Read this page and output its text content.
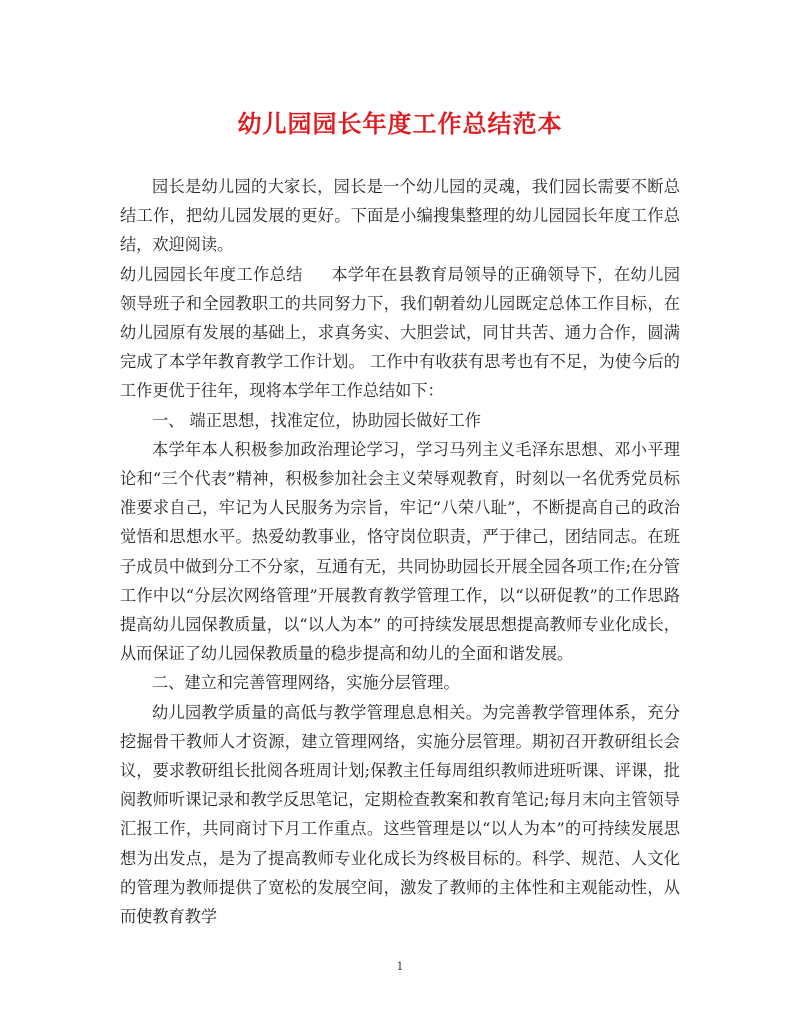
幼儿园园长年度工作总结范本

园长是幼儿园的大家长，园长是一个幼儿园的灵魂，我们园长需要不断总结工作，把幼儿园发展的更好。下面是小编搜集整理的幼儿园园长年度工作总结，欢迎阅读。

幼儿园园长年度工作总结 本学年在县教育局领导的正确领导下，在幼儿园领导班子和全园教职工的共同努力下，我们朝着幼儿园既定总体工作目标，在幼儿园原有发展的基础上，求真务实、大胆尝试，同甘共苦、通力合作，圆满完成了本学年教育教学工作计划。 工作中有收获有思考也有不足，为使今后的工作更优于往年，现将本学年工作总结如下：

一、 端正思想，找准定位，协助园长做好工作

本学年本人积极参加政治理论学习，学习马列主义毛泽东思想、邓小平理论和“三个代表”精神，积极参加社会主义荣辱观教育，时刻以一名优秀党员标准要求自己，牢记为人民服务为宗旨，牢记“八荣八耻”，不断提高自己的政治觉悟和思想水平。热爱幼教事业，恪守岗位职责，严于律己，团结同志。在班子成员中做到分工不分家，互通有无，共同协助园长开展全园各项工作;在分管工作中以“分层次网络管理”开展教育教学管理工作，以“以研促教”的工作思路提高幼儿园保教质量，以“以人为本” 的可持续发展思想提高教师专业化成长，从而保证了幼儿园保教质量的稳步提高和幼儿的全面和谐发展。

二、建立和完善管理网络，实施分层管理。

幼儿园教学质量的高低与教学管理息息相关。为完善教学管理体系，充分挖掘骨干教师人才资源，建立管理网络，实施分层管理。期初召开教研组长会议，要求教研组长批阅各班周计划;保教主任每周组织教师进班听课、评课，批阅教师听课记录和教学反思笔记，定期检查教案和教育笔记;每月末向主管领导汇报工作，共同商讨下月工作重点。这些管理是以“以人为本”的可持续发展思想为出发点，是为了提高教师专业化成长为终极目标的。科学、规范、人文化的管理为教师提供了宽松的发展空间，激发了教师的主体性和主观能动性，从而使教育教学

1
